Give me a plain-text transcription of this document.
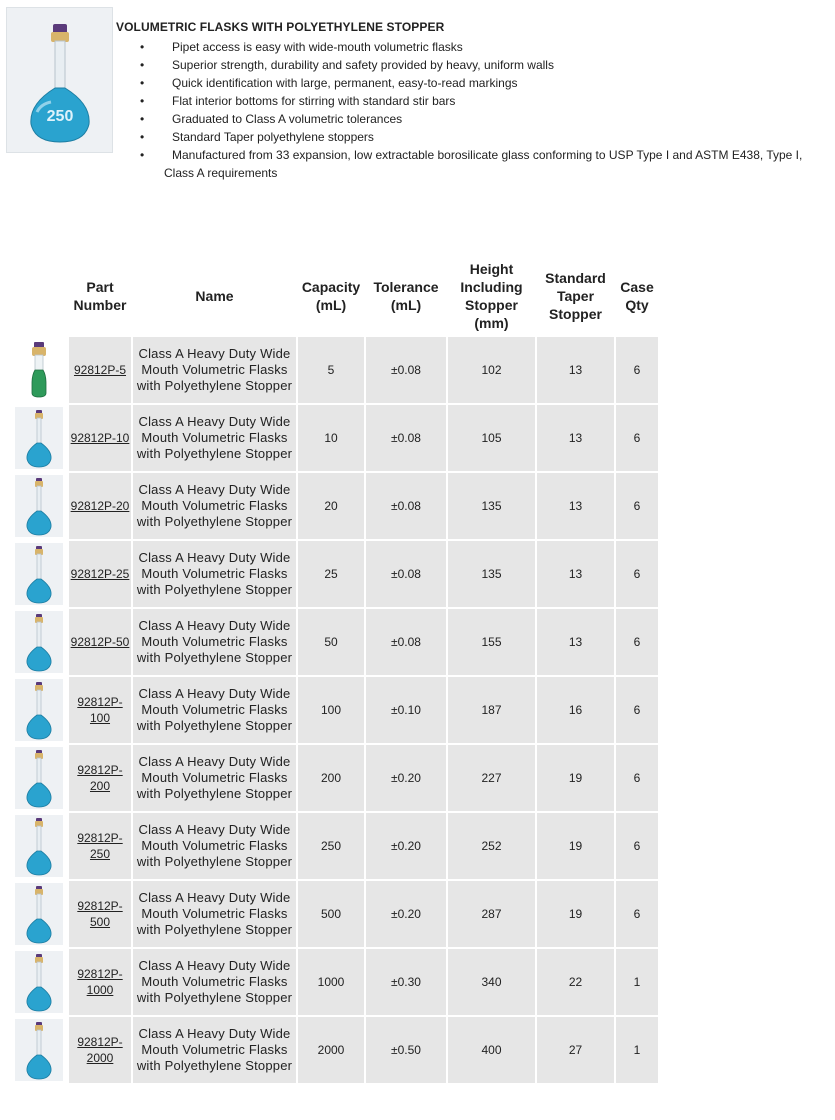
250
VOLUMETRIC FLASKS WITH POLYETHYLENE STOPPER
• Pipet access is easy with wide-mouth volumetric flasks
• Superior strength, durability and safety provided by heavy, uniform walls
• Quick identification with large, permanent, easy-to-read markings
• Flat interior bottoms for stirring with standard stir bars
• Graduated to Class A volumetric tolerances
• Standard Taper polyethylene stoppers
• Manufactured from 33 expansion, low extractable borosilicate glass conforming to USP Type I and ASTM E438, Type I,
Class A requirements
	Part Number	Name	Capacity (mL)	Tolerance (mL)	Height Including Stopper (mm)	Standard Taper Stopper	Case Qty

	92812P-5	Class A Heavy Duty Wide Mouth Volumetric Flasks with Polyethylene Stopper	5	±0.08	102	13	6

	92812P-10	Class A Heavy Duty Wide Mouth Volumetric Flasks with Polyethylene Stopper	10	±0.08	105	13	6

	92812P-20	Class A Heavy Duty Wide Mouth Volumetric Flasks with Polyethylene Stopper	20	±0.08	135	13	6

	92812P-25	Class A Heavy Duty Wide Mouth Volumetric Flasks with Polyethylene Stopper	25	±0.08	135	13	6

	92812P-50	Class A Heavy Duty Wide Mouth Volumetric Flasks with Polyethylene Stopper	50	±0.08	155	13	6

	92812P-100	Class A Heavy Duty Wide Mouth Volumetric Flasks with Polyethylene Stopper	100	±0.10	187	16	6

	92812P-200	Class A Heavy Duty Wide Mouth Volumetric Flasks with Polyethylene Stopper	200	±0.20	227	19	6

	92812P-250	Class A Heavy Duty Wide Mouth Volumetric Flasks with Polyethylene Stopper	250	±0.20	252	19	6

	92812P-500	Class A Heavy Duty Wide Mouth Volumetric Flasks with Polyethylene Stopper	500	±0.20	287	19	6

	92812P-1000	Class A Heavy Duty Wide Mouth Volumetric Flasks with Polyethylene Stopper	1000	±0.30	340	22	1

	92812P-2000	Class A Heavy Duty Wide Mouth Volumetric Flasks with Polyethylene Stopper	2000	±0.50	400	27	1
